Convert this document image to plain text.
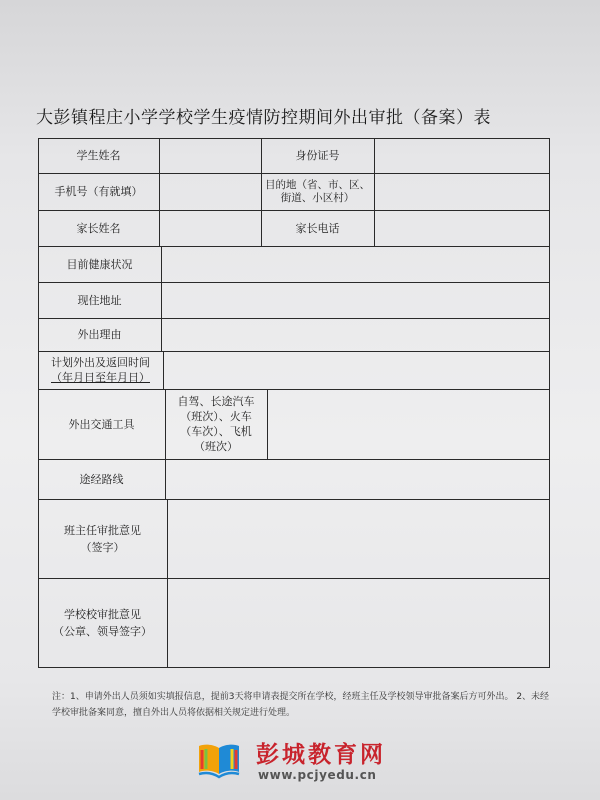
大彭镇程庄小学学校学生疫情防控期间外出审批（备案）表
学生姓名	身份证号
手机号（有就填）
目的地（省、市、区、街道、小区村）
家长姓名	家长电话
目前健康状况
现住地址
外出理由
计划外出及返回时间
（年月日至年月日）
外出交通工具
自驾、长途汽车（班次）、火车（车次）、飞机（班次）
途经路线
班主任审批意见
（签字）
学校校审批意见
（公章、领导签字）
注：1、申请外出人员须如实填报信息，提前3天将申请表提交所在学校，经班主任及学校领导审批备案后方可外出。 2、未经学校审批备案同意，擅自外出人员将依据相关规定进行处理。
彭城教育网
www.pcjyedu.cn
